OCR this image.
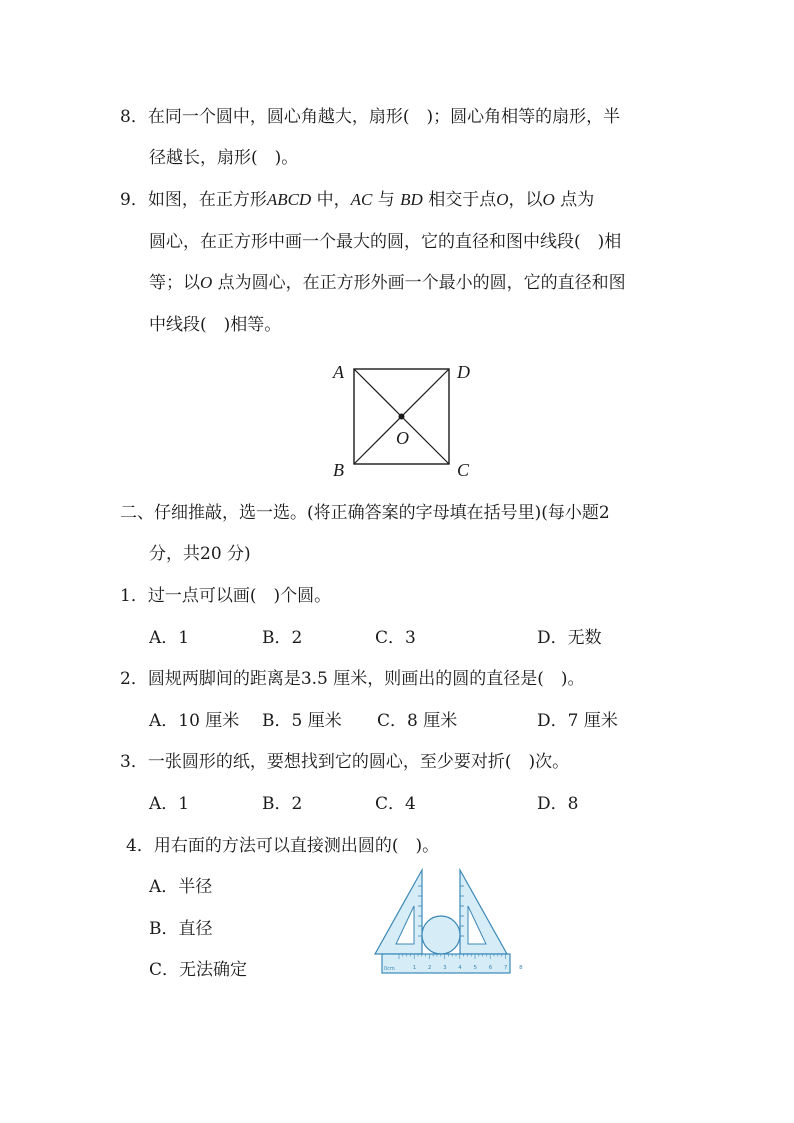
8．在同一个圆中，圆心角越大，扇形(　)；圆心角相等的扇形，半
径越长，扇形(　)。
9．如图，在正方形ABCD 中，AC 与 BD 相交于点O，以O 点为
圆心，在正方形中画一个最大的圆，它的直径和图中线段(　)相
等；以O 点为圆心，在正方形外画一个最小的圆，它的直径和图
中线段(　)相等。
A	D
O
B	C
二、仔细推敲，选一选。(将正确答案的字母填在括号里)(每小题2
分，共20 分)
1．过一点可以画(　)个圆。
A．1	B．2	C．3	D．无数
2．圆规两脚间的距离是3.5 厘米，则画出的圆的直径是(　)。
A．10 厘米 B．5 厘米 C．8 厘米	D．7 厘米
3．一张圆形的纸，要想找到它的圆心，至少要对折(　)次。
A．1	B．2	C．4	D．8
4．用右面的方法可以直接测出圆的(　)。
A．半径
B．直径
C．无法确定	1 2 3 4 5 6 7 8
0cm
